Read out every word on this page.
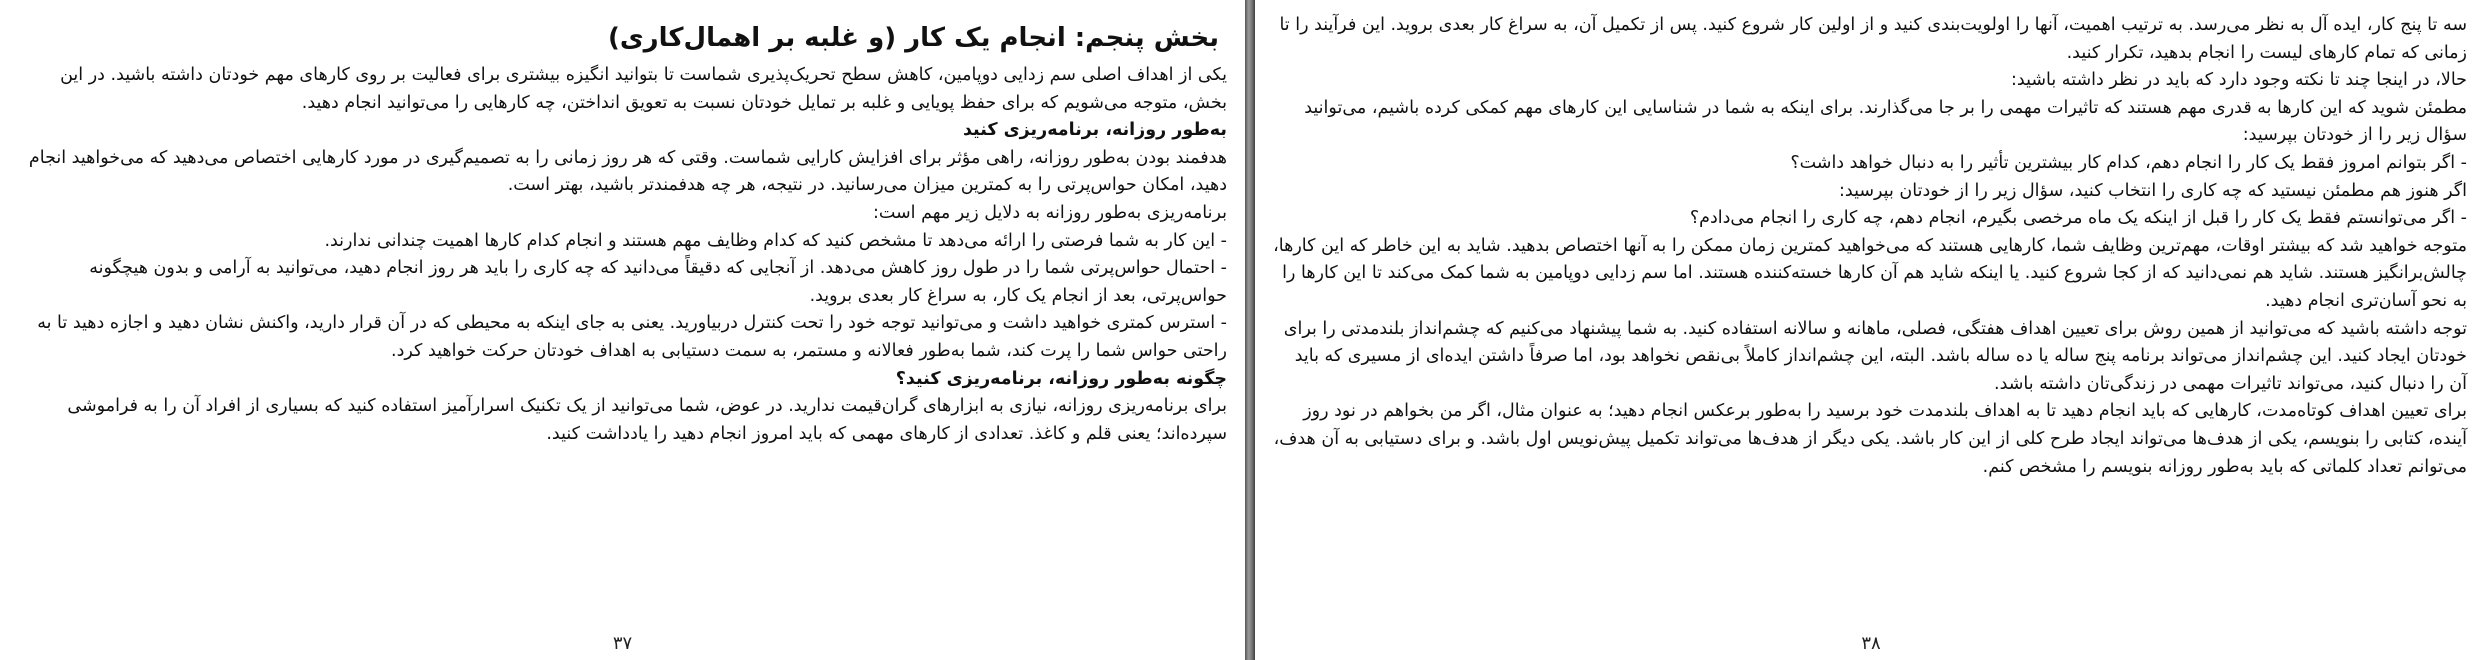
بخش پنجم: انجام یک کار (و غلبه بر اهمال‌کاری)

یکی از اهداف اصلی سم زدایی دوپامین، کاهش سطح تحریک‌پذیری شماست تا بتوانید انگیزه بیشتری برای فعالیت بر روی کارهای مهم خودتان داشته باشید. در این بخش، متوجه می‌شویم که برای حفظ پویایی و غلبه بر تمایل خودتان نسبت به تعویق انداختن، چه کارهایی را می‌توانید انجام دهید.

به‌طور روزانه، برنامه‌ریزی کنید

هدفمند بودن به‌طور روزانه، راهی مؤثر برای افزایش کارایی شماست. وقتی که هر روز زمانی را به تصمیم‌گیری در مورد کارهایی اختصاص می‌دهید که می‌خواهید انجام دهید، امکان حواس‌پرتی را به کمترین میزان می‌رسانید. در نتیجه، هر چه هدفمندتر باشید، بهتر است.

برنامه‌ریزی به‌طور روزانه به دلایل زیر مهم است:

- این کار به شما فرصتی را ارائه می‌دهد تا مشخص کنید که کدام وظایف مهم هستند و انجام کدام کارها اهمیت چندانی ندارند.

- احتمال حواس‌پرتی شما را در طول روز کاهش می‌دهد. از آنجایی که دقیقاً می‌دانید که چه کاری را باید هر روز انجام دهید، می‌توانید به آرامی و بدون هیچگونه حواس‌پرتی، بعد از انجام یک کار، به سراغ کار بعدی بروید.

- استرس کمتری خواهید داشت و می‌توانید توجه خود را تحت کنترل دربیاورید. یعنی به جای اینکه به محیطی که در آن قرار دارید، واکنش نشان دهید و اجازه دهید تا به راحتی حواس شما را پرت کند، شما به‌طور فعالانه و مستمر، به سمت دستیابی به اهداف خودتان حرکت خواهید کرد.

چگونه به‌طور روزانه، برنامه‌ریزی کنید؟

برای برنامه‌ریزی روزانه، نیازی به ابزارهای گران‌قیمت ندارید. در عوض، شما می‌توانید از یک تکنیک اسرارآمیز استفاده کنید که بسیاری از افراد آن را به فراموشی سپرده‌اند؛ یعنی قلم و کاغذ. تعدادی از کارهای مهمی که باید امروز انجام دهید را یادداشت کنید.

۳۷

سه تا پنج کار، ایده آل به نظر می‌رسد. به ترتیب اهمیت، آنها را اولویت‌بندی کنید و از اولین کار شروع کنید. پس از تکمیل آن، به سراغ کار بعدی بروید. این فرآیند را تا زمانی که تمام کارهای لیست را انجام بدهید، تکرار کنید.

حالا، در اینجا چند تا نکته وجود دارد که باید در نظر داشته باشید:

مطمئن شوید که این کارها به قدری مهم هستند که تاثیرات مهمی را بر جا می‌گذارند. برای اینکه به شما در شناسایی این کارهای مهم کمکی کرده باشیم، می‌توانید سؤال زیر را از خودتان بپرسید:

- اگر بتوانم امروز فقط یک کار را انجام دهم، کدام کار بیشترین تأثیر را به دنبال خواهد داشت؟

اگر هنوز هم مطمئن نیستید که چه کاری را انتخاب کنید، سؤال زیر را از خودتان بپرسید:

- اگر می‌توانستم فقط یک کار را قبل از اینکه یک ماه مرخصی بگیرم، انجام دهم، چه کاری را انجام می‌دادم؟

متوجه خواهید شد که بیشتر اوقات، مهم‌ترین وظایف شما، کارهایی هستند که می‌خواهید کمترین زمان ممکن را به آنها اختصاص بدهید. شاید به این خاطر که این کارها، چالش‌برانگیز هستند. شاید هم نمی‌دانید که از کجا شروع کنید. یا اینکه شاید هم آن کارها خسته‌کننده هستند. اما سم زدایی دوپامین به شما کمک می‌کند تا این کارها را به نحو آسان‌تری انجام دهید.

توجه داشته باشید که می‌توانید از همین روش برای تعیین اهداف هفتگی، فصلی، ماهانه و سالانه استفاده کنید. به شما پیشنهاد می‌کنیم که چشم‌انداز بلندمدتی را برای خودتان ایجاد کنید. این چشم‌انداز می‌تواند برنامه پنج ساله یا ده ساله باشد. البته، این چشم‌انداز کاملاً بی‌نقص نخواهد بود، اما صرفاً داشتن ایده‌ای از مسیری که باید آن را دنبال کنید، می‌تواند تاثیرات مهمی در زندگی‌تان داشته باشد.

برای تعیین اهداف کوتاه‌مدت، کارهایی که باید انجام دهید تا به اهداف بلندمدت خود برسید را به‌طور برعکس انجام دهید؛ به عنوان مثال، اگر من بخواهم در نود روز آینده، کتابی را بنویسم، یکی از هدف‌ها می‌تواند ایجاد طرح کلی از این کار باشد. یکی دیگر از هدف‌ها می‌تواند تکمیل پیش‌نویس اول باشد. و برای دستیابی به آن هدف، می‌توانم تعداد کلماتی که باید به‌طور روزانه بنویسم را مشخص کنم.

۳۸
